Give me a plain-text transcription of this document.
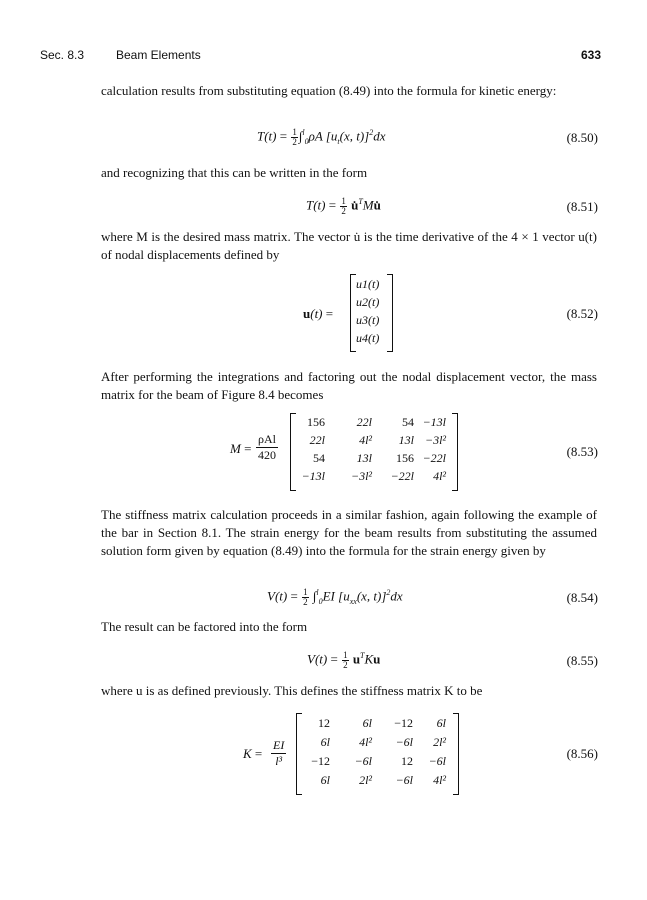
Sec. 8.3	Beam Elements	633

calculation results from substituting equation (8.49) into the formula for kinetic energy:

$T(t) = \frac{1}{2} \int^l_0\rho A$ [$u_t(x$, t)]$^2$dx	(8.50)

and recognizing that this can be written in the form

$T(t) = \frac{1}{2}$ u̇$^T$Mu̇	(8.51)

where M is the desired mass matrix. The vector u̇ is the time derivative of the 4 × 1 vector u(t) of nodal displacements defined by

u(t) =
u1(t)
u2(t)
u3(t)
u4(t)
(8.52)

After performing the integrations and factoring out the nodal displacement vector, the mass matrix for the beam of Figure 8.4 becomes

M =
ρAl
420
156	22l	54 −13l
22l	4l² 13l −3l²
54	13l 156 −22l
−13l −3l² −22l 4l²
(8.53)

The stiffness matrix calculation proceeds in a similar fashion, again following the example of the bar in Section 8.1. The strain energy for the beam results from substituting the assumed solution form given by equation (8.49) into the formula for the strain energy given by

$V(t) = \frac{1}{2} \int^l_0EI$ [$u_{xx}(x$, t)]$^2$dx	(8.54)

The result can be factored into the form

$V(t) = \frac{1}{2} u^TKu$	(8.55)

where u is as defined previously. This defines the stiffness matrix K to be

$K = \frac{EI}{\text{l³}}$
12	6l −12 6l
6l 4l² −6l 2l²
−12 −6l 12 −6l
6l 2l² −6l 4l²
(8.56)
